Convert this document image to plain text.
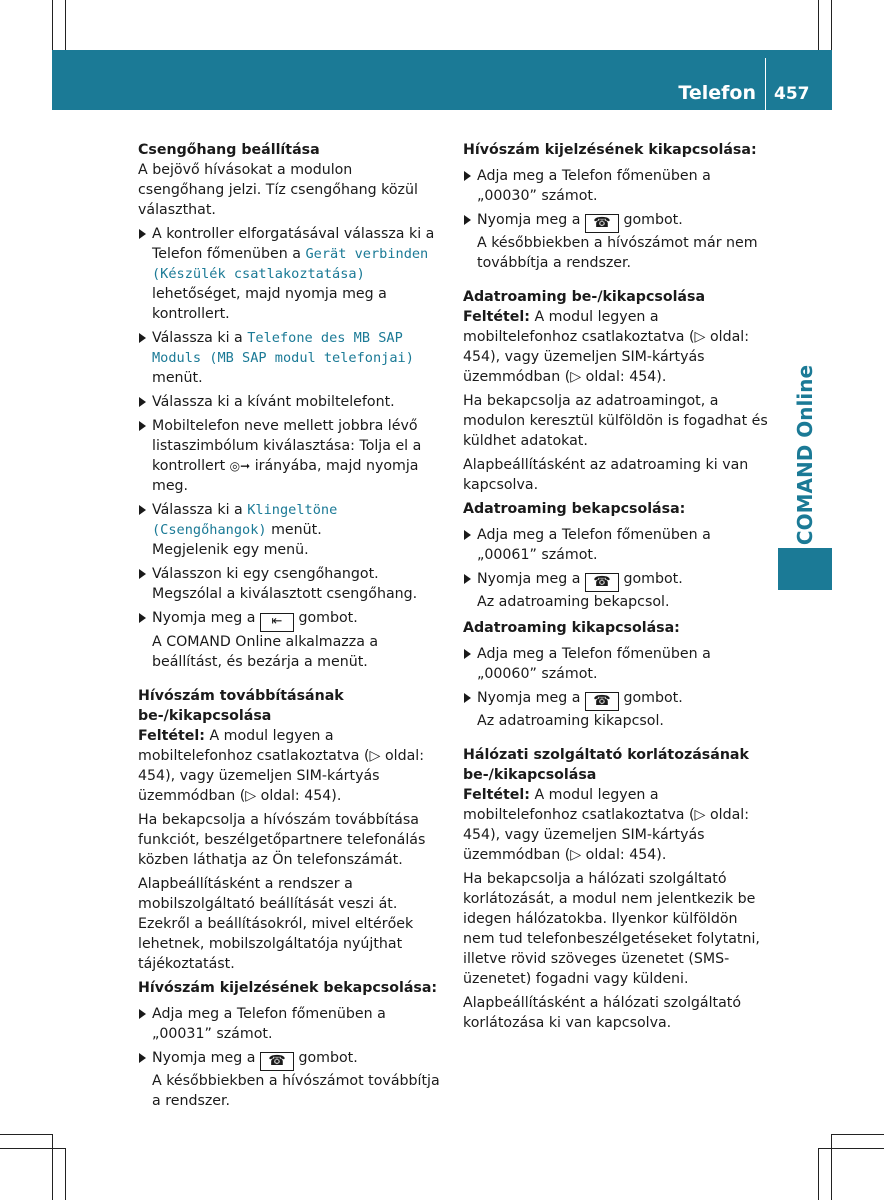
Telefon 457
COMAND Online
Csengőhang beállítása

A bejövő hívásokat a modulon csengőhang jelzi. Tíz csengőhang közül választhat.

A kontroller elforgatásával válassza ki a Telefon főmenüben a Gerät verbinden (Készülék csatlakoztatása) lehetőséget, majd nyomja meg a kontrollert.
Válassza ki a Telefone des MB SAP Moduls (MB SAP modul telefonjai) menüt.
Válassza ki a kívánt mobiltelefont.
Mobiltelefon neve mellett jobbra lévő listaszimbólum kiválasztása: Tolja el a kontrollert ◎➞ irányába, majd nyomja meg.
Válassza ki a Klingeltöne (Csengőhangok) menüt.
Megjelenik egy menü.
Válasszon ki egy csengőhangot.
Megszólal a kiválasztott csengőhang.
Nyomja meg a ⇤	gombot.
A COMAND Online alkalmazza a beállítást, és bezárja a menüt.
Hívószám továbbításának be-/kikapcsolása

Feltétel: A modul legyen a mobiltelefonhoz csatlakoztatva (▷ oldal: 454), vagy üzemeljen SIM-kártyás üzemmódban (▷ oldal: 454).

Ha bekapcsolja a hívószám továbbítása funkciót, beszélgetőpartnere telefonálás közben láthatja az Ön telefonszámát.

Alapbeállításként a rendszer a mobilszolgáltató beállítását veszi át. Ezekről a beállításokról, mivel eltérőek lehetnek, mobilszolgáltatója nyújthat tájékoztatást.

Hívószám kijelzésének bekapcsolása:
Adja meg a Telefon főmenüben a „00031” számot.
Nyomja meg a ☎ gombot.
A későbbiekben a hívószámot továbbítja a rendszer.
Hívószám kijelzésének kikapcsolása:
Adja meg a Telefon főmenüben a „00030” számot.
Nyomja meg a ☎ gombot.
A későbbiekben a hívószámot már nem továbbítja a rendszer.
Adatroaming be-/kikapcsolása

Feltétel: A modul legyen a mobiltelefonhoz csatlakoztatva (▷ oldal: 454), vagy üzemeljen SIM-kártyás üzemmódban (▷ oldal: 454).

Ha bekapcsolja az adatroamingot, a modulon keresztül külföldön is fogadhat és küldhet adatokat.

Alapbeállításként az adatroaming ki van kapcsolva.

Adatroaming bekapcsolása:
Adja meg a Telefon főmenüben a „00061” számot.
Nyomja meg a ☎ gombot.
Az adatroaming bekapcsol.
Adatroaming kikapcsolása:
Adja meg a Telefon főmenüben a „00060” számot.
Nyomja meg a ☎ gombot.
Az adatroaming kikapcsol.
Hálózati szolgáltató korlátozásának be-/kikapcsolása

Feltétel: A modul legyen a mobiltelefonhoz csatlakoztatva (▷ oldal: 454), vagy üzemeljen SIM-kártyás üzemmódban (▷ oldal: 454).

Ha bekapcsolja a hálózati szolgáltató korlátozását, a modul nem jelentkezik be idegen hálózatokba. Ilyenkor külföldön nem tud telefonbeszélgetéseket folytatni, illetve rövid szöveges üzenetet (SMS-üzenetet) fogadni vagy küldeni.

Alapbeállításként a hálózati szolgáltató korlátozása ki van kapcsolva.
